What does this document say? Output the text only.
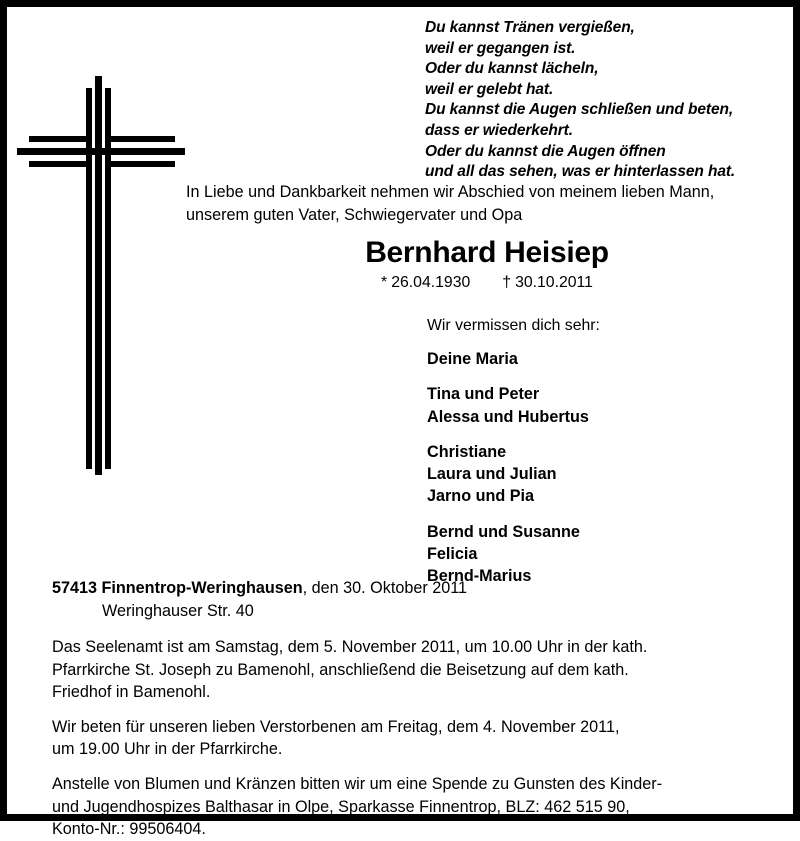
Du kannst Tränen vergießen,
weil er gegangen ist.
Oder du kannst lächeln,
weil er gelebt hat.
Du kannst die Augen schließen und beten,
dass er wiederkehrt.
Oder du kannst die Augen öffnen
und all das sehen, was er hinterlassen hat.
In Liebe und Dankbarkeit nehmen wir Abschied von meinem lieben Mann,
unserem guten Vater, Schwiegervater und Opa
Bernhard Heisiep
* 26.04.1930 † 30.10.2011
Wir vermissen dich sehr:
Deine Maria
Tina und Peter
Alessa und Hubertus
Christiane
Laura und Julian
Jarno und Pia
Bernd und Susanne
Felicia
Bernd-Marius
57413 Finnentrop-Weringhausen, den 30. Oktober 2011
Weringhauser Str. 40
Das Seelenamt ist am Samstag, dem 5. November 2011, um 10.00 Uhr in der kath.
Pfarrkirche St. Joseph zu Bamenohl, anschließend die Beisetzung auf dem kath.
Friedhof in Bamenohl.
Wir beten für unseren lieben Verstorbenen am Freitag, dem 4. November 2011,
um 19.00 Uhr in der Pfarrkirche.
Anstelle von Blumen und Kränzen bitten wir um eine Spende zu Gunsten des Kinder-
und Jugendhospizes Balthasar in Olpe, Sparkasse Finnentrop, BLZ: 462 515 90,
Konto-Nr.: 99506404.
